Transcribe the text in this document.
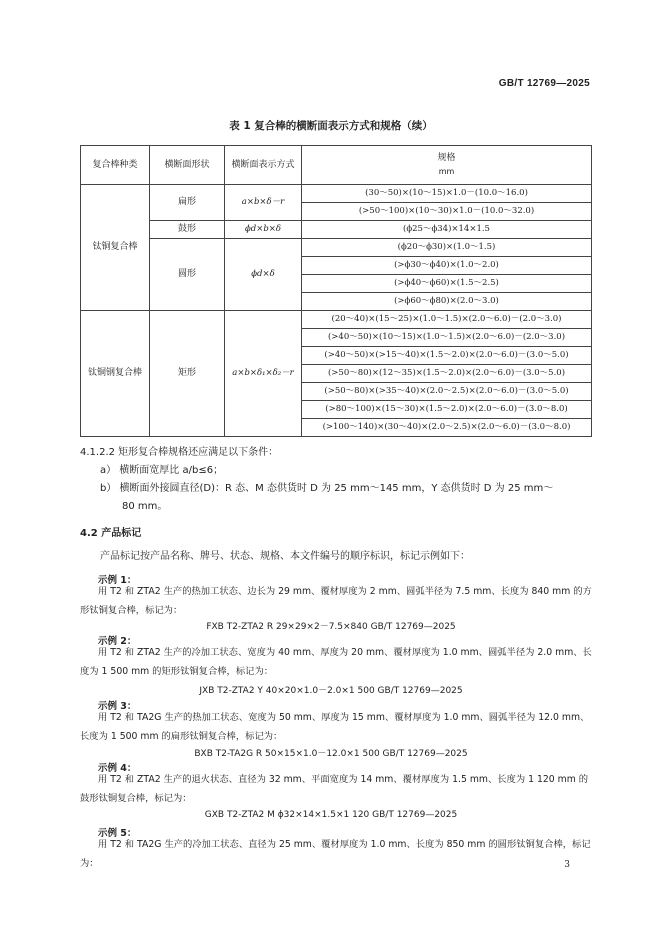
GB/T 12769—2025
表 1 复合棒的横断面表示方式和规格（续）
复合棒种类	横断面形状	横断面表示方式	规格
mm

钛铜复合棒	扁形	a×b×δ－r	(30～50)×(10～15)×1.0－(10.0～16.0)
			(>50～100)×(10～30)×1.0－(10.0～32.0)
	鼓形	ϕd×b×δ	(ϕ25～ϕ34)×14×1.5
	圆形	ϕd×δ	(ϕ20～ϕ30)×(1.0～1.5)
			(>ϕ30～ϕ40)×(1.0～2.0)
			(>ϕ40～ϕ60)×(1.5～2.5)
			(>ϕ60～ϕ80)×(2.0～3.0)
钛铜钢复合棒	矩形	a×b×δ₁×δ₂－r	(20～40)×(15～25)×(1.0～1.5)×(2.0～6.0)－(2.0～3.0)
			(>40～50)×(10～15)×(1.0～1.5)×(2.0～6.0)－(2.0～3.0)
			(>40～50)×(>15～40)×(1.5～2.0)×(2.0～6.0)－(3.0～5.0)
			(>50～80)×(12～35)×(1.5～2.0)×(2.0～6.0)－(3.0～5.0)
			(>50～80)×(>35～40)×(2.0～2.5)×(2.0～6.0)－(3.0～5.0)
			(>80～100)×(15～30)×(1.5～2.0)×(2.0～6.0)－(3.0～8.0)
			(>100～140)×(30～40)×(2.0～2.5)×(2.0～6.0)－(3.0～8.0)
4.1.2.2 矩形复合棒规格还应满足以下条件：
a） 横断面宽厚比 a/b≤6；
b） 横断面外接圆直径(D)：R 态、M 态供货时 D 为 25 mm～145 mm，Y 态供货时 D 为 25 mm～
80 mm。
4.2 产品标记
产品标记按产品名称、牌号、状态、规格、本文件编号的顺序标识，标记示例如下：
示例 1：
用 T2 和 ZTA2 生产的热加工状态、边长为 29 mm、覆材厚度为 2 mm、圆弧半径为 7.5 mm、长度为 840 mm 的方形钛铜复合棒，标记为：
FXB T2-ZTA2 R 29×29×2－7.5×840 GB/T 12769—2025
示例 2：
用 T2 和 ZTA2 生产的冷加工状态、宽度为 40 mm、厚度为 20 mm、覆材厚度为 1.0 mm、圆弧半径为 2.0 mm、长度为 1 500 mm 的矩形钛铜复合棒，标记为：
JXB T2-ZTA2 Y 40×20×1.0－2.0×1 500 GB/T 12769—2025
示例 3：
用 T2 和 TA2G 生产的热加工状态、宽度为 50 mm、厚度为 15 mm、覆材厚度为 1.0 mm、圆弧半径为 12.0 mm、长度为 1 500 mm 的扁形钛铜复合棒，标记为：
BXB T2-TA2G R 50×15×1.0－12.0×1 500 GB/T 12769—2025
示例 4：
用 T2 和 ZTA2 生产的退火状态、直径为 32 mm、平面宽度为 14 mm、覆材厚度为 1.5 mm、长度为 1 120 mm 的鼓形钛铜复合棒，标记为：
GXB T2-ZTA2 M ϕ32×14×1.5×1 120 GB/T 12769—2025
示例 5：
用 T2 和 TA2G 生产的冷加工状态、直径为 25 mm、覆材厚度为 1.0 mm、长度为 850 mm 的圆形钛铜复合棒，标记为：	3
